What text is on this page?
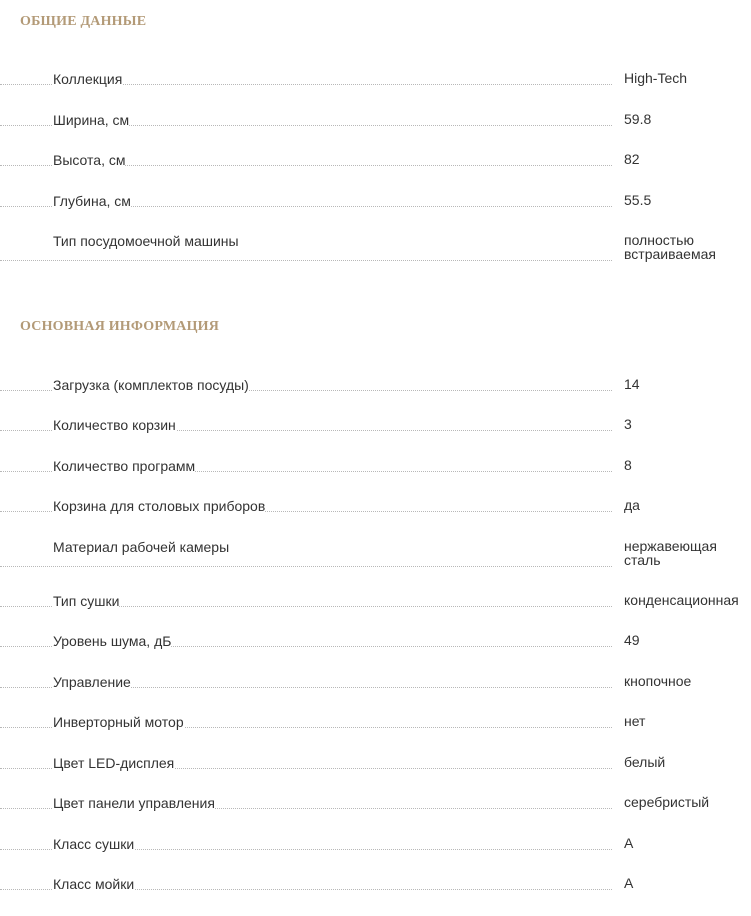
ОБЩИЕ ДАННЫЕ
Коллекция	High-Tech
Ширина, см	59.8
Высота, см	82
Глубина, см	55.5
Тип посудомоечной машины	полностью встраиваемая
ОСНОВНАЯ ИНФОРМАЦИЯ
Загрузка (комплектов посуды)	14
Количество корзин	3
Количество программ	8
Корзина для столовых приборов	да
Материал рабочей камеры	нержавеющая сталь
Тип сушки	конденсационная
Уровень шума, дБ	49
Управление	кнопочное
Инверторный мотор	нет
Цвет LED-дисплея	белый
Цвет панели управления	серебристый
Класс сушки	A
Класс мойки	A
